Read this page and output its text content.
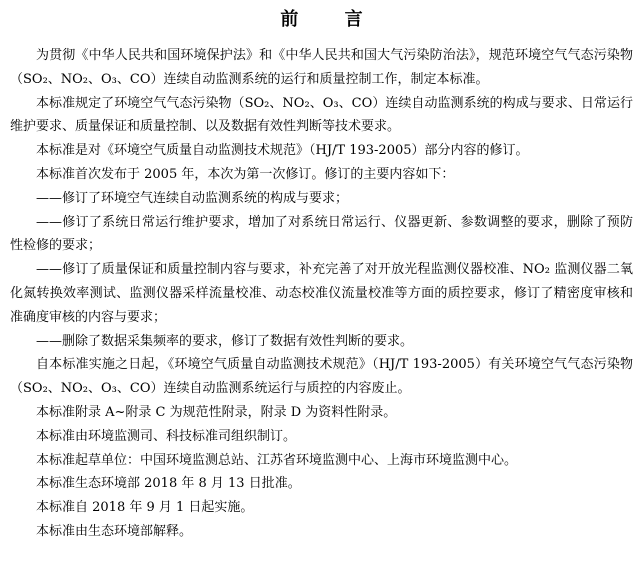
前 言

为贯彻《中华人民共和国环境保护法》和《中华人民共和国大气污染防治法》，规范环境空气气态污染物（SO₂、NO₂、O₃、CO）连续自动监测系统的运行和质量控制工作，制定本标准。

本标准规定了环境空气气态污染物（SO₂、NO₂、O₃、CO）连续自动监测系统的构成与要求、日常运行维护要求、质量保证和质量控制、以及数据有效性判断等技术要求。

本标准是对《环境空气质量自动监测技术规范》（HJ/T 193-2005）部分内容的修订。

本标准首次发布于 2005 年，本次为第一次修订。修订的主要内容如下：

——修订了环境空气连续自动监测系统的构成与要求；

——修订了系统日常运行维护要求，增加了对系统日常运行、仪器更新、参数调整的要求，删除了预防性检修的要求；

——修订了质量保证和质量控制内容与要求，补充完善了对开放光程监测仪器校准、NO₂ 监测仪器二氧化氮转换效率测试、监测仪器采样流量校准、动态校准仪流量校准等方面的质控要求，修订了精密度审核和准确度审核的内容与要求；

——删除了数据采集频率的要求，修订了数据有效性判断的要求。

自本标准实施之日起，《环境空气质量自动监测技术规范》（HJ/T 193-2005）有关环境空气气态污染物（SO₂、NO₂、O₃、CO）连续自动监测系统运行与质控的内容废止。

本标准附录 A~附录 C 为规范性附录，附录 D 为资料性附录。

本标准由环境监测司、科技标准司组织制订。

本标准起草单位：中国环境监测总站、江苏省环境监测中心、上海市环境监测中心。

本标准生态环境部 2018 年 8 月 13 日批准。

本标准自 2018 年 9 月 1 日起实施。

本标准由生态环境部解释。
